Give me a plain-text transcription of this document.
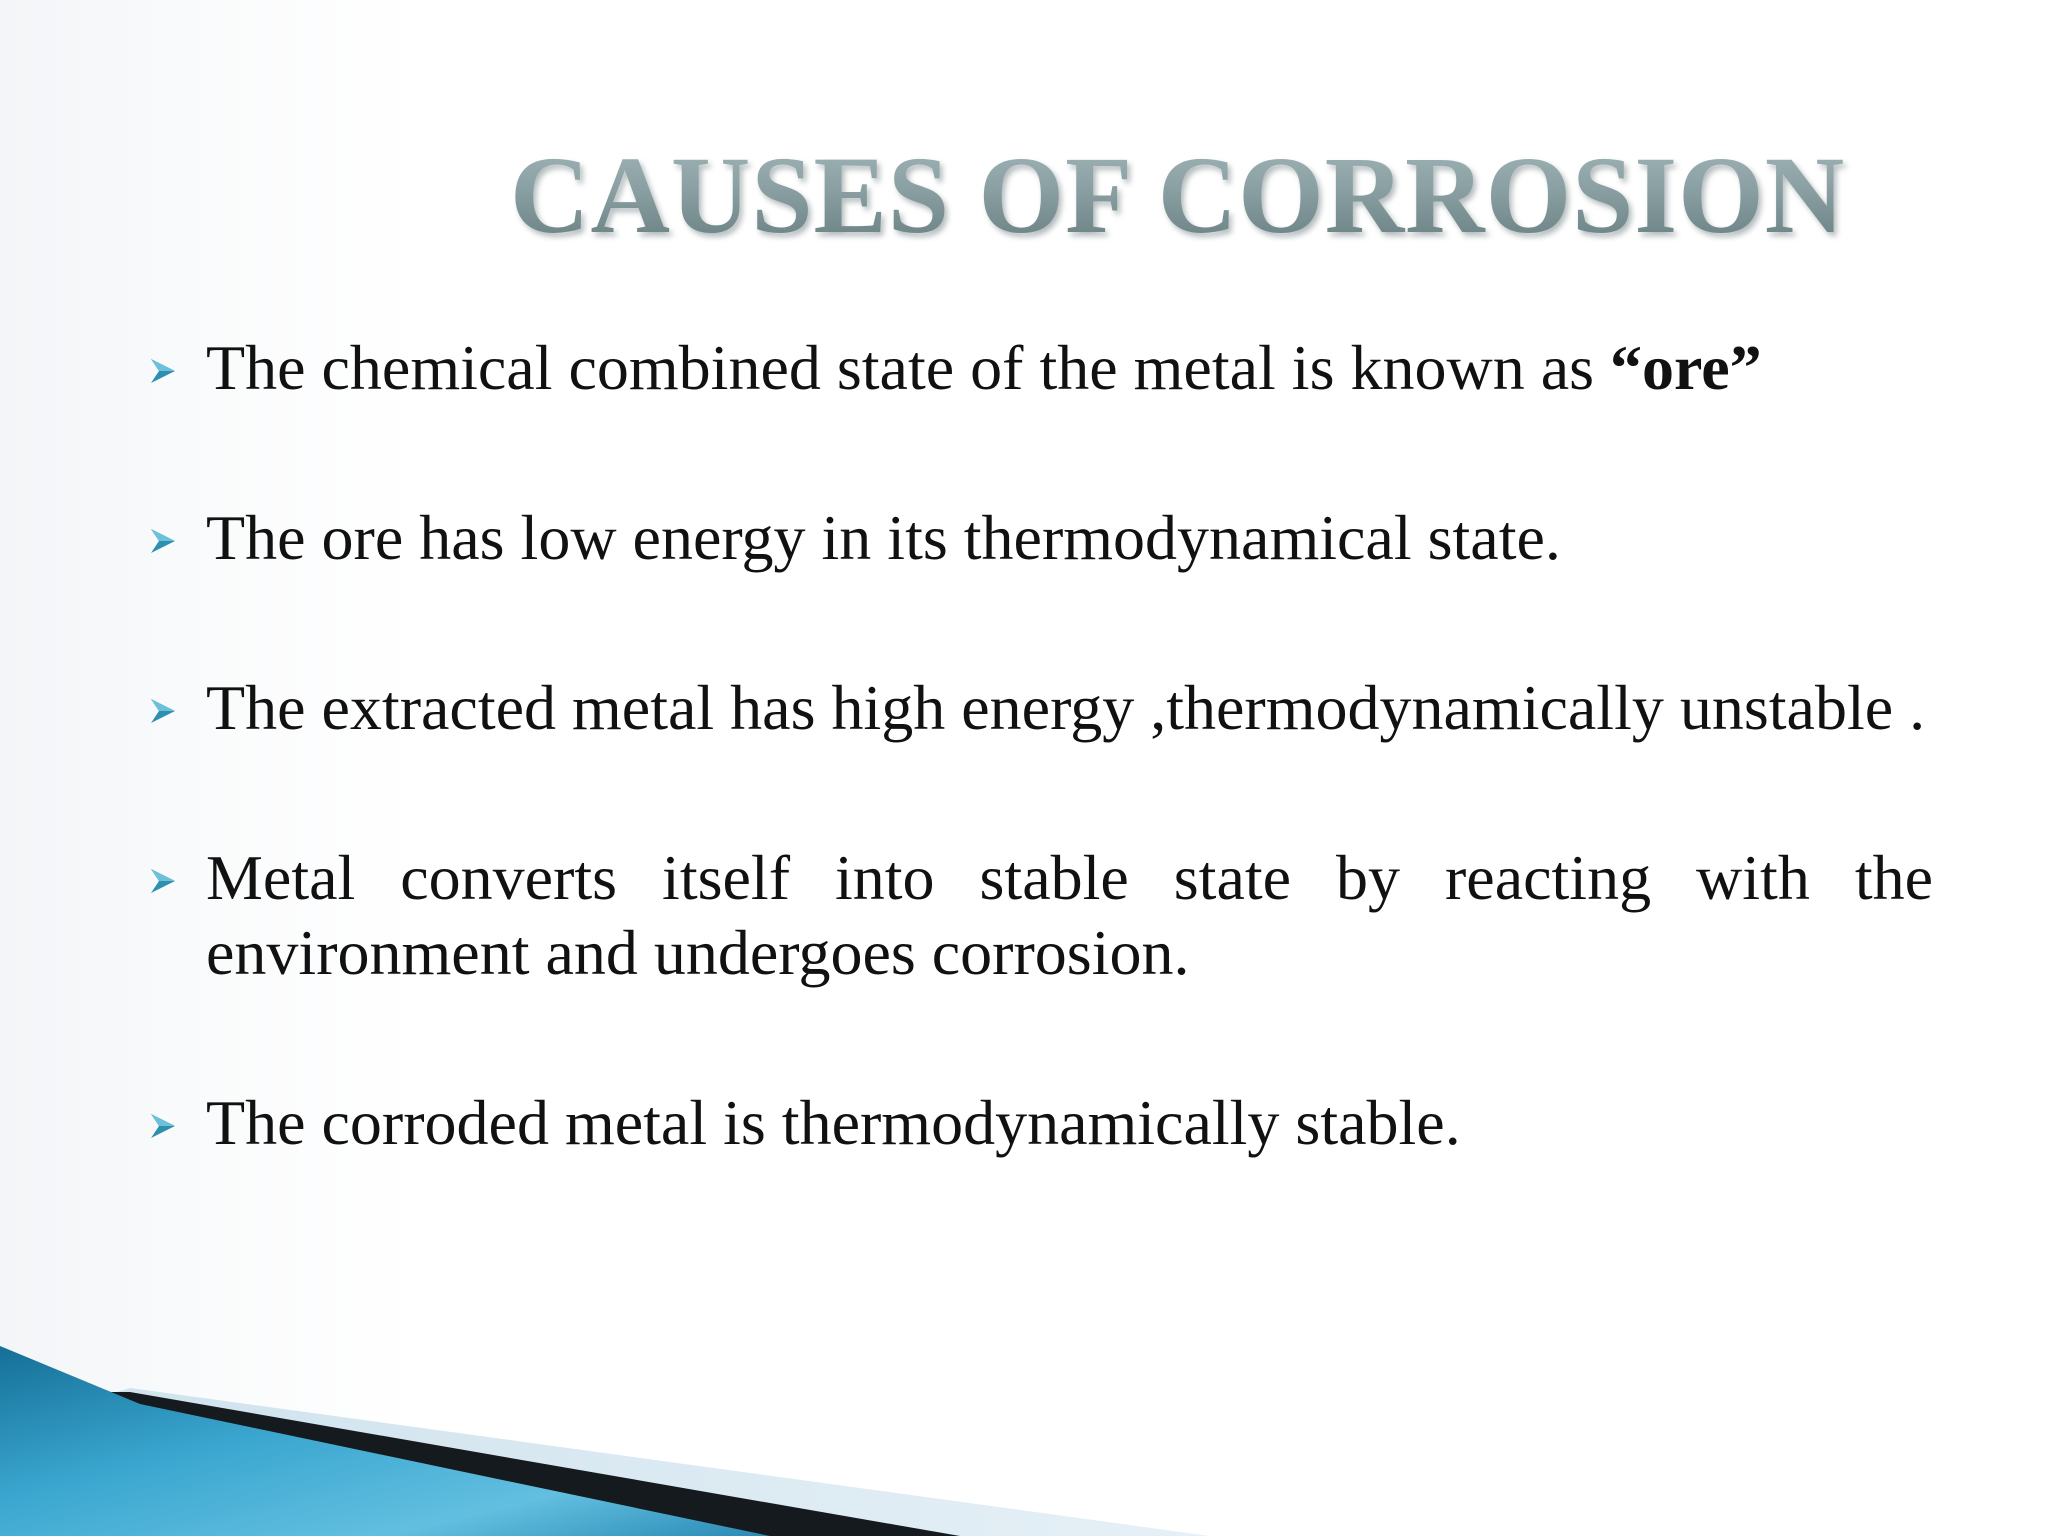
CAUSES OF CORROSION
The chemical combined state of the metal is known as “ore”
The ore has low energy in its thermodynamical state.
The extracted metal has high energy ,thermodynamically unstable .
Metal converts itself into stable state by reacting with the environment and undergoes corrosion.
The corroded metal is thermodynamically stable.
